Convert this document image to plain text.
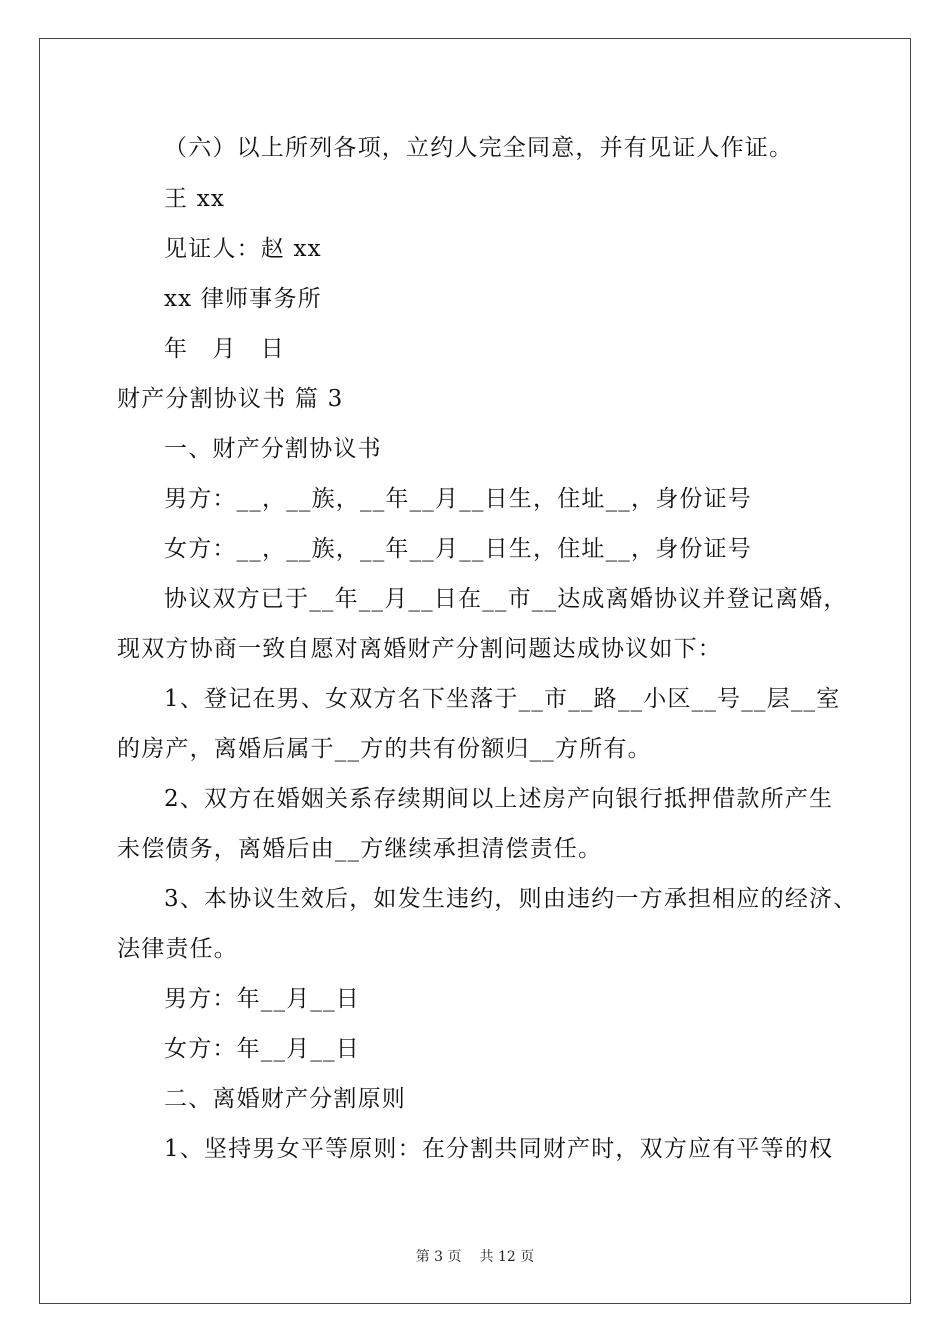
（六）以上所列各项，立约人完全同意，并有见证人作证。
王 xx
见证人：赵 xx
xx 律师事务所
年　月　日
财产分割协议书 篇 3
一、财产分割协议书
男方：__，__族，__年__月__日生，住址__，身份证号
女方：__，__族，__年__月__日生，住址__，身份证号
协议双方已于__年__月__日在__市__达成离婚协议并登记离婚，
现双方协商一致自愿对离婚财产分割问题达成协议如下：
1、登记在男、女双方名下坐落于__市__路__小区__号__层__室
的房产，离婚后属于__方的共有份额归__方所有。
2、双方在婚姻关系存续期间以上述房产向银行抵押借款所产生
未偿债务，离婚后由__方继续承担清偿责任。
3、本协议生效后，如发生违约，则由违约一方承担相应的经济、
法律责任。
男方：年__月__日
女方：年__月__日
二、离婚财产分割原则
1、坚持男女平等原则：在分割共同财产时，双方应有平等的权
第 3 页 共 12 页
